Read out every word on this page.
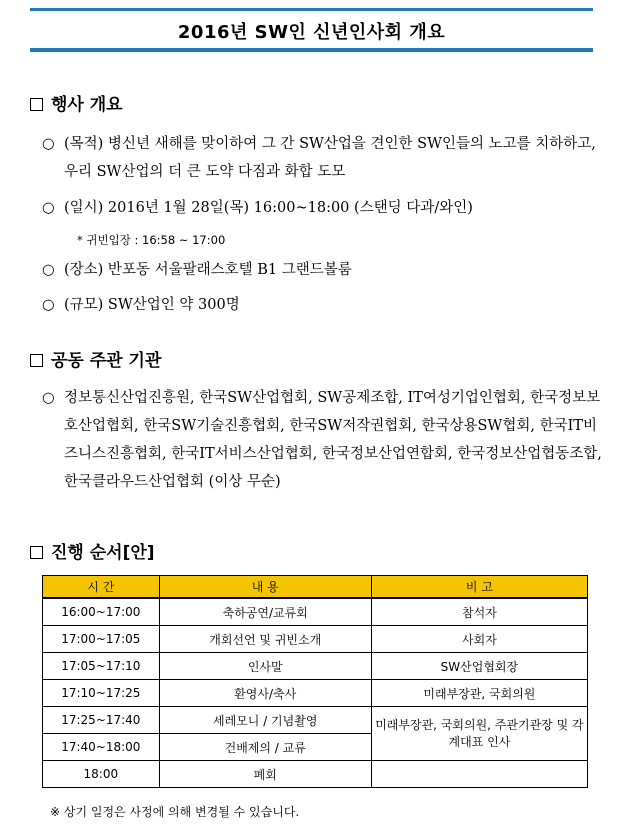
2016년 SW인 신년인사회 개요
행사 개요
○ (목적) 병신년 새해를 맞이하여 그 간 SW산업을 견인한 SW인들의 노고를 치하하고, 우리 SW산업의 더 큰 도약 다짐과 화합 도모
○ (일시) 2016년 1월 28일(목) 16:00~18:00 (스탠딩 다과/와인)
* 귀빈입장 : 16:58 ~ 17:00
○ (장소) 반포동 서울팔래스호텔 B1 그랜드볼룸
○ (규모) SW산업인 약 300명
공동 주관 기관
○ 정보통신산업진흥원, 한국SW산업협회, SW공제조합, IT여성기업인협회, 한국정보보호산업협회, 한국SW기술진흥협회, 한국SW저작권협회, 한국상용SW협회, 한국IT비즈니스진흥협회, 한국IT서비스산업협회, 한국정보산업연합회, 한국정보산업협동조합, 한국클라우드산업협회 (이상 무순)
진행 순서[안]
시 간	내 용	비 고
16:00~17:00	축하공연/교류회	참석자
17:00~17:05	개회선언 및 귀빈소개	사회자
17:05~17:10	인사말	SW산업협회장
17:10~17:25	환영사/축사	미래부장관, 국회의원
17:25~17:40	세레모니 / 기념촬영	미래부장관, 국회의원, 주관기관장 및 각계대표 인사
17:40~18:00	건배제의 / 교류	
18:00	폐회	
※ 상기 일정은 사정에 의해 변경될 수 있습니다.
